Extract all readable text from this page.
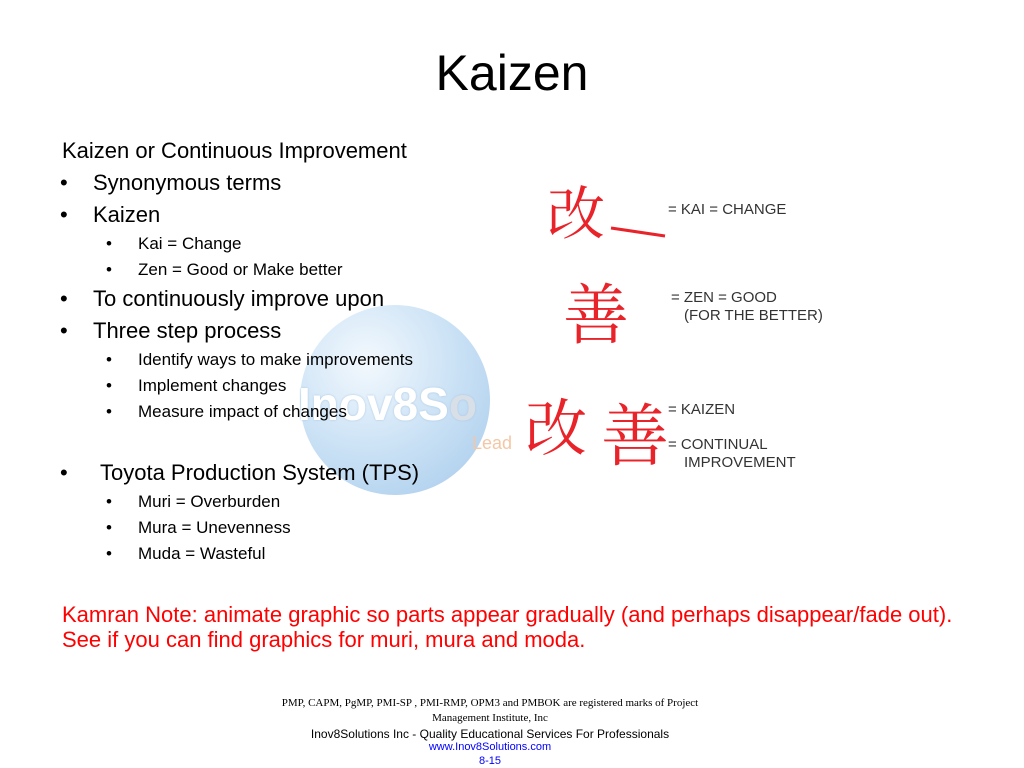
Inov8So
Lead
Kaizen
Kaizen or Continuous Improvement
• Synonymous terms
• Kaizen
• Kai = Change
• Zen = Good or Make better
• To continuously improve upon
• Three step process
• Identify ways to make improvements
• Implement changes
• Measure impact of changes
• Toyota Production System (TPS)
• Muri = Overburden
• Mura = Unevenness
• Muda = Wasteful
改
善
改 善
= KAI = CHANGE
= ZEN = GOOD
(FOR THE BETTER)
= KAIZEN
= CONTINUAL
IMPROVEMENT
Kamran Note: animate graphic so parts appear gradually (and perhaps disappear/fade out). See if you can find graphics for muri, mura and moda.
PMP, CAPM, PgMP, PMI-SP , PMI-RMP, OPM3 and PMBOK are registered marks of Project
Management Institute, Inc
Inov8Solutions Inc - Quality Educational Services For Professionals
www.Inov8Solutions.com
8-15
